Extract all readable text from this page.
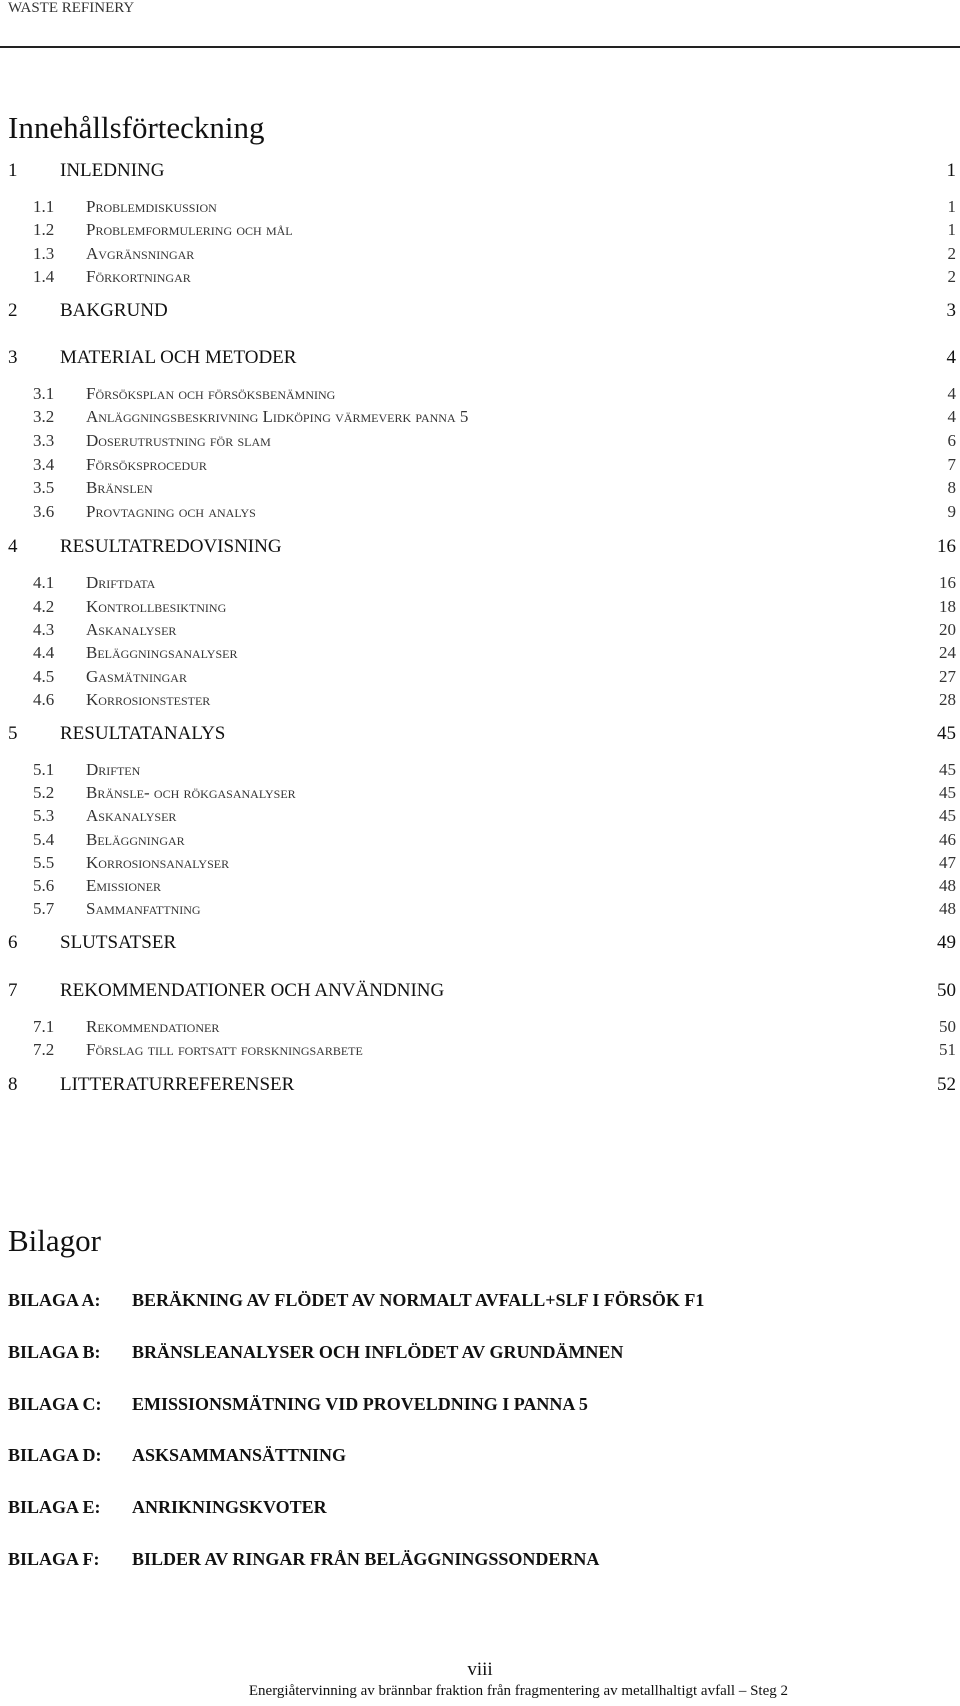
WASTE REFINERY
Innehållsförteckning
1 INLEDNING	1
1.1 Problemdiskussion	1
1.2 Problemformulering och mål	1
1.3 Avgränsningar	2
1.4 Förkortningar	2
2 BAKGRUND	3
3 MATERIAL OCH METODER	4
3.1 Försöksplan och försöksbenämning	4
3.2 Anläggningsbeskrivning Lidköping värmeverk panna 5	4
3.3 Doserutrustning för slam	6
3.4 Försöksprocedur	7
3.5 Bränslen	8
3.6 Provtagning och analys	9
4 RESULTATREDOVISNING	16
4.1 Driftdata	16
4.2 Kontrollbesiktning	18
4.3 Askanalyser	20
4.4 Beläggningsanalyser	24
4.5 Gasmätningar	27
4.6 Korrosionstester	28
5 RESULTATANALYS	45
5.1 Driften	45
5.2 Bränsle- och rökgasanalyser	45
5.3 Askanalyser	45
5.4 Beläggningar	46
5.5 Korrosionsanalyser	47
5.6 Emissioner	48
5.7 Sammanfattning	48
6 SLUTSATSER	49
7 REKOMMENDATIONER OCH ANVÄNDNING	50
7.1 Rekommendationer	50
7.2 Förslag till fortsatt forskningsarbete	51
8 LITTERATURREFERENSER	52
Bilagor
BILAGA A: BERÄKNING AV FLÖDET AV NORMALT AVFALL+SLF I FÖRSÖK F1
BILAGA B: BRÄNSLEANALYSER OCH INFLÖDET AV GRUNDÄMNEN
BILAGA C: EMISSIONSMÄTNING VID PROVELDNING I PANNA 5
BILAGA D: ASKSAMMANSÄTTNING
BILAGA E: ANRIKNINGSKVOTER
BILAGA F: BILDER AV RINGAR FRÅN BELÄGGNINGSSONDERNA
viii
Energiåtervinning av brännbar fraktion från fragmentering av metallhaltigt avfall – Steg 2
